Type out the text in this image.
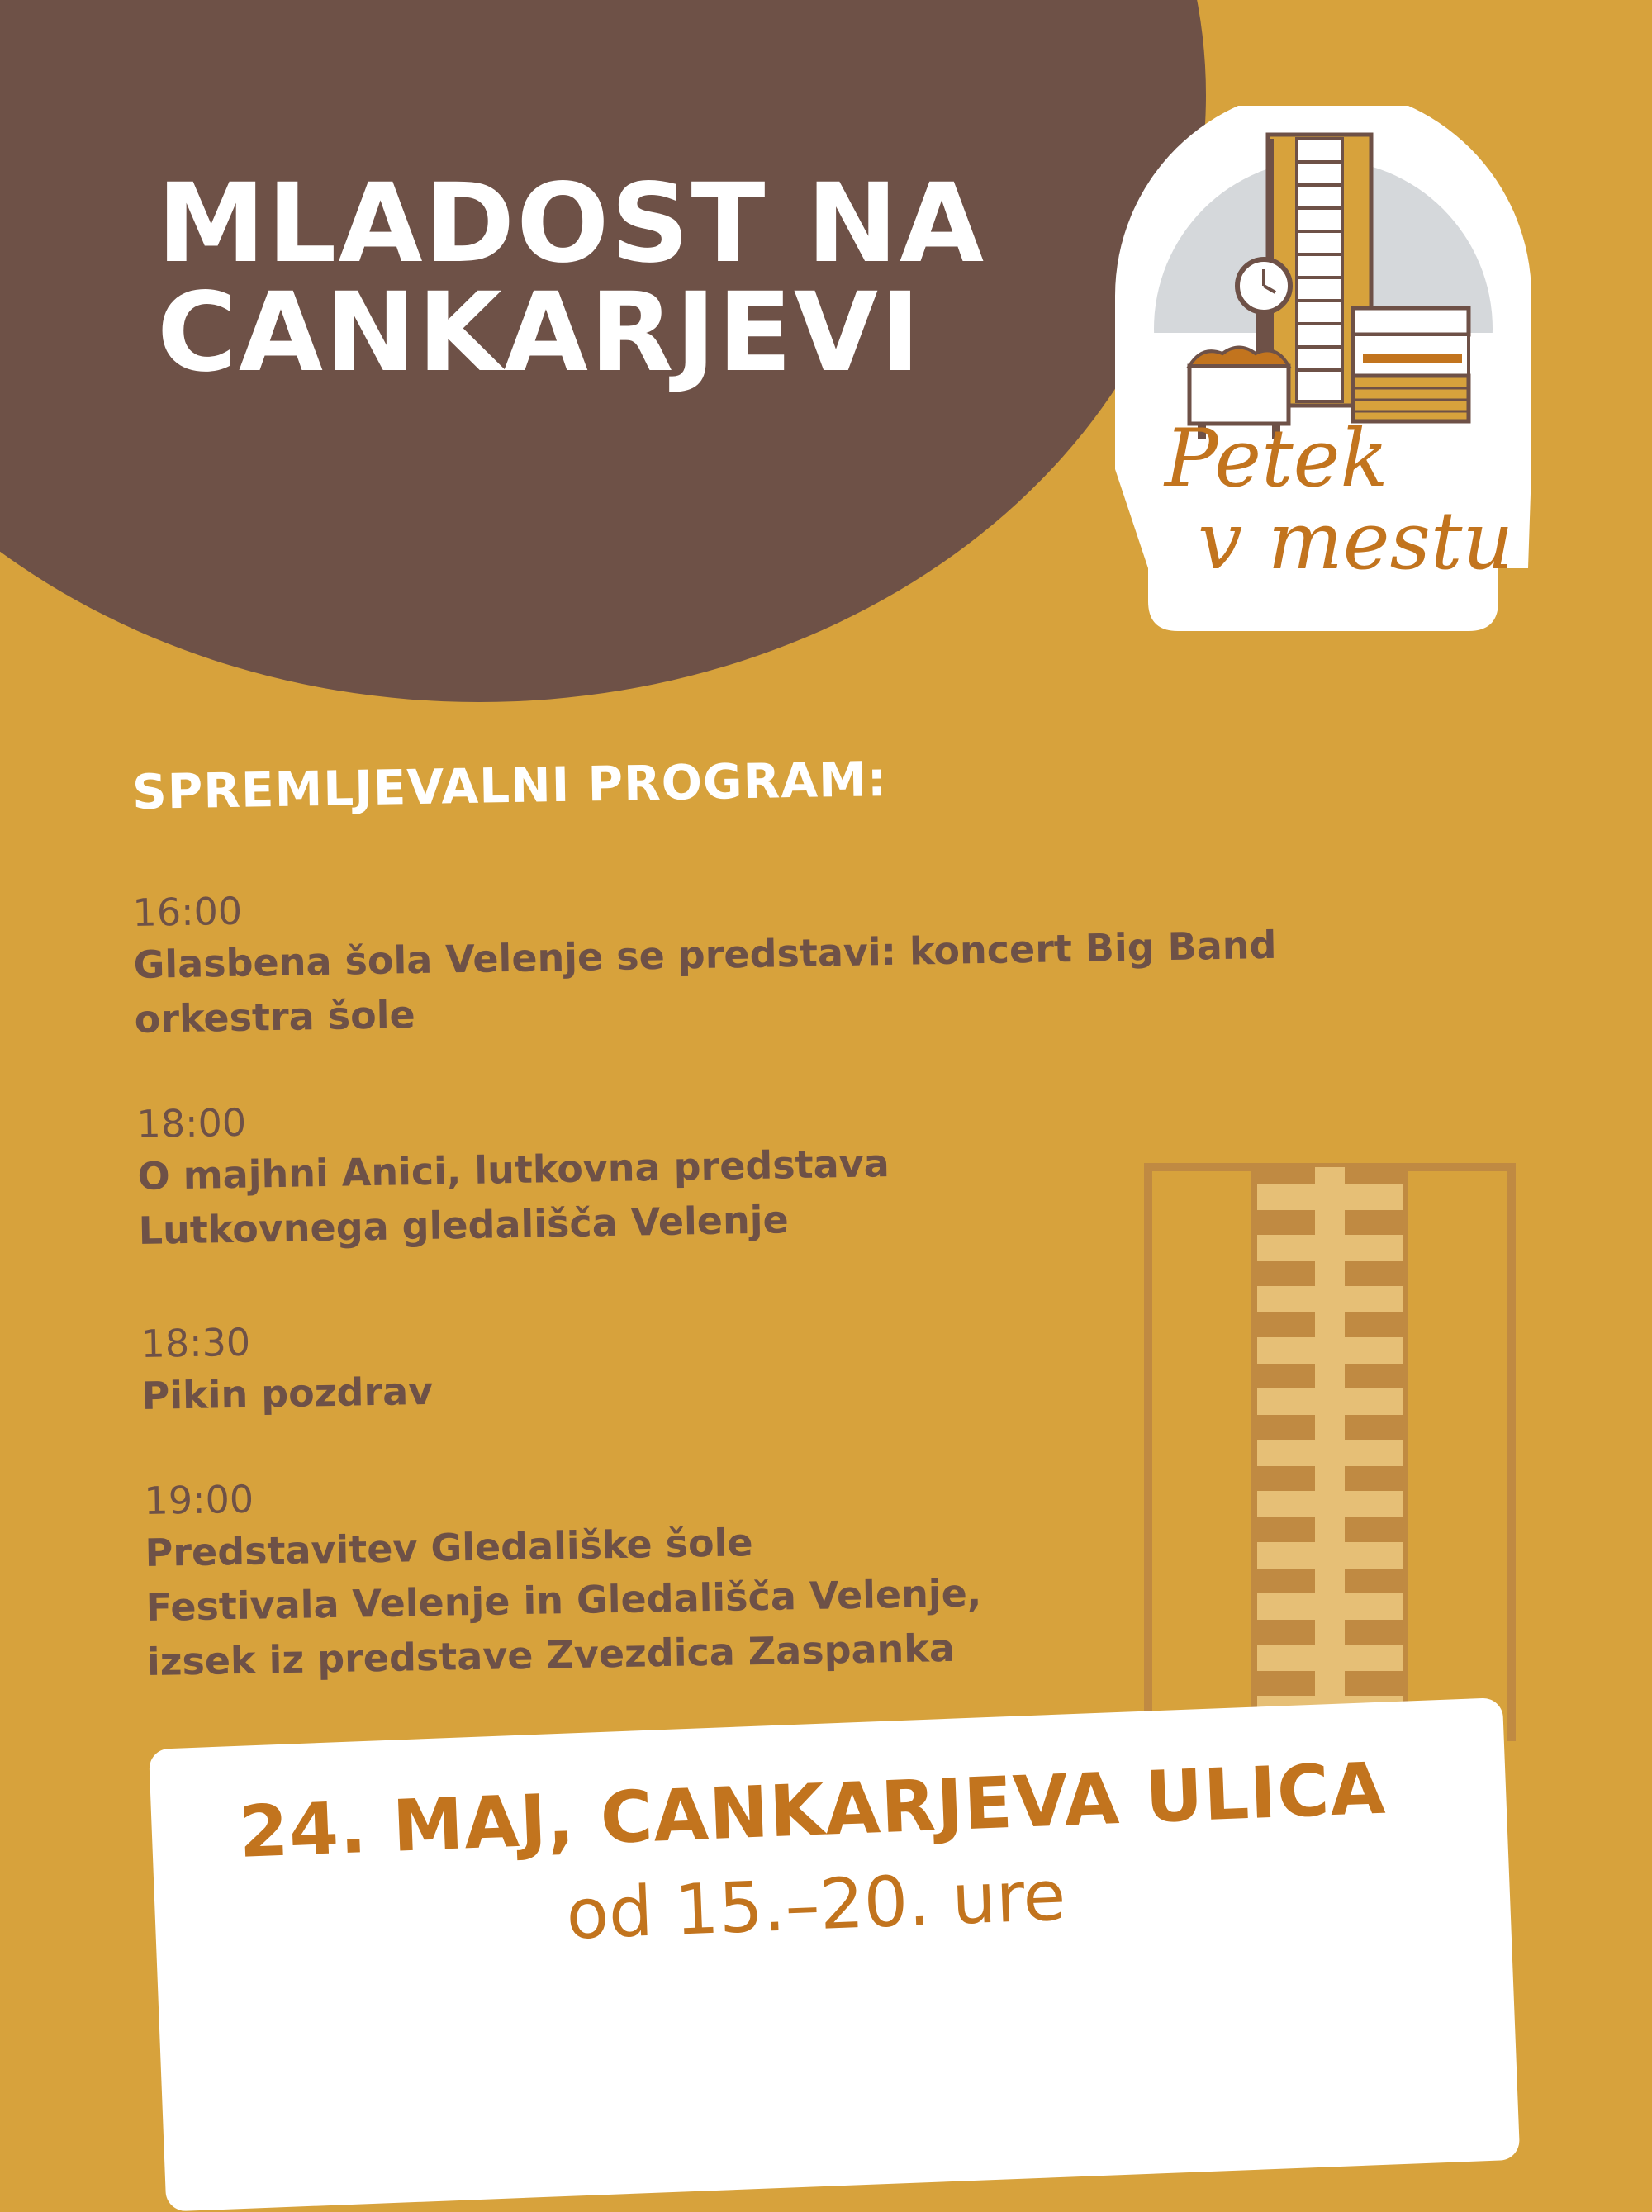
MLADOST NA
CANKARJEVI
Petek
v mestu
SPREMLJEVALNI PROGRAM:
16:00
Glasbena šola Velenje se predstavi: koncert Big Band
orkestra šole
18:00
O majhni Anici, lutkovna predstava
Lutkovnega gledališča Velenje
18:30
Pikin pozdrav
19:00
Predstavitev Gledališke šole
Festivala Velenje in Gledališča Velenje,
izsek iz predstave Zvezdica Zaspanka
24. MAJ, CANKARJEVA ULICA
od 15.–20. ure
